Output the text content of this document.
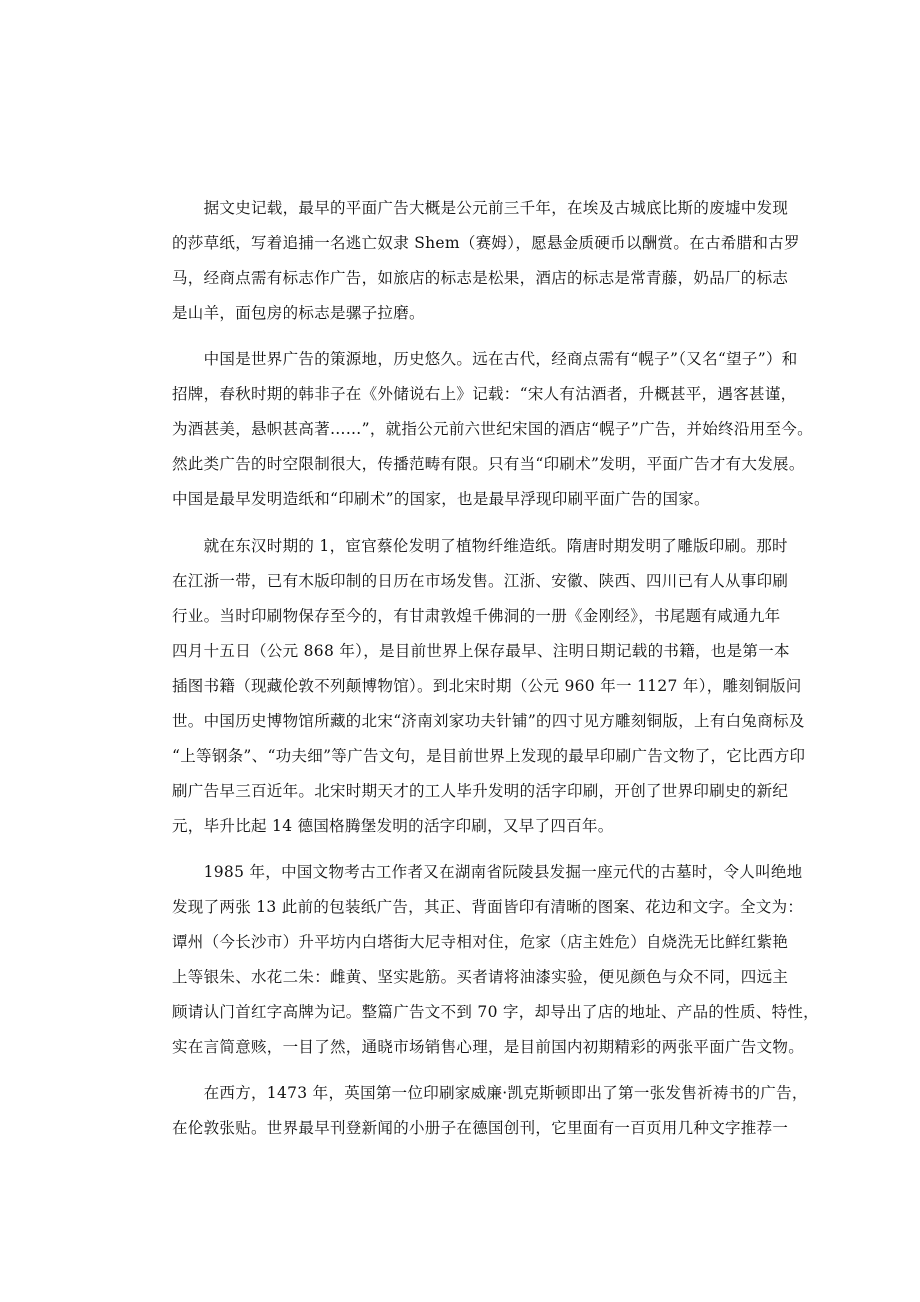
　　据文史记载，最早的平面广告大概是公元前三千年，在埃及古城底比斯的废墟中发现
的莎草纸，写着追捕一名逃亡奴隶 Shem（赛姆），愿悬金质硬币以酬赏。在古希腊和古罗
马，经商点需有标志作广告，如旅店的标志是松果，酒店的标志是常青藤，奶品厂的标志
是山羊，面包房的标志是骡子拉磨。
　　中国是世界广告的策源地，历史悠久。远在古代，经商点需有“幌子”（又名“望子”）和
招牌，春秋时期的韩非子在《外储说右上》记载：“宋人有沽酒者，升概甚平，遇客甚谨，
为酒甚美，悬帜甚高著……”，就指公元前六世纪宋国的酒店“幌子”广告，并始终沿用至今。
然此类广告的时空限制很大，传播范畴有限。只有当“印刷术”发明，平面广告才有大发展。
中国是最早发明造纸和“印刷术”的国家，也是最早浮现印刷平面广告的国家。
　　就在东汉时期的 1，宦官蔡伦发明了植物纤维造纸。隋唐时期发明了雕版印刷。那时
在江浙一带，已有木版印制的日历在市场发售。江浙、安徽、陕西、四川已有人从事印刷
行业。当时印刷物保存至今的，有甘肃敦煌千佛洞的一册《金刚经》，书尾题有咸通九年
四月十五日（公元 868 年），是目前世界上保存最早、注明日期记载的书籍，也是第一本
插图书籍（现藏伦敦不列颠博物馆）。到北宋时期（公元 960 年一 1127 年），雕刻铜版问
世。中国历史博物馆所藏的北宋“济南刘家功夫针铺”的四寸见方雕刻铜版，上有白兔商标及
“上等钢条”、“功夫细”等广告文句，是目前世界上发现的最早印刷广告文物了，它比西方印
刷广告早三百近年。北宋时期天才的工人毕升发明的活字印刷，开创了世界印刷史的新纪
元，毕升比起 14 德国格腾堡发明的活字印刷，又早了四百年。
　　1985 年，中国文物考古工作者又在湖南省阮陵县发掘一座元代的古墓时，令人叫绝地
发现了两张 13 此前的包装纸广告，其正、背面皆印有清晰的图案、花边和文字。全文为：
谭州（今长沙市）升平坊内白塔街大尼寺相对住，危家（店主姓危）自烧洗无比鲜红紫艳
上等银朱、水花二朱：雌黄、坚实匙筋。买者请将油漆实验，便见颜色与众不同，四远主
顾请认门首红字高牌为记。整篇广告文不到 70 字，却导出了店的地址、产品的性质、特性，
实在言简意赅，一目了然，通晓市场销售心理，是目前国内初期精彩的两张平面广告文物。
　　在西方，1473 年，英国第一位印刷家威廉·凯克斯顿即出了第一张发售祈祷书的广告，
在伦敦张贴。世界最早刊登新闻的小册子在德国创刊，它里面有一百页用几种文字推荐一
